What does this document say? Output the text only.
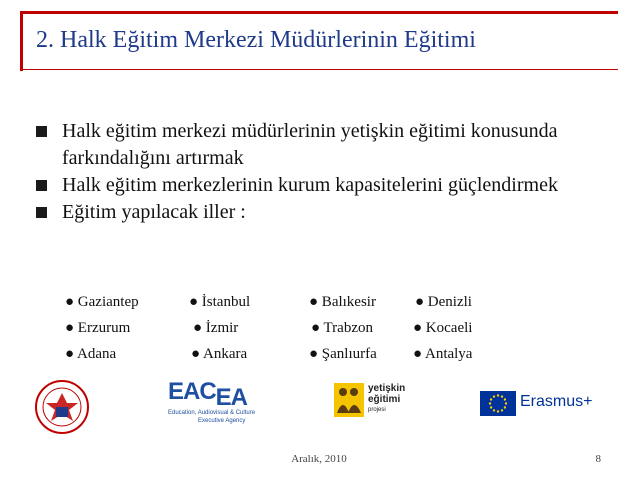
2. Halk Eğitim Merkezi Müdürlerinin Eğitimi
Halk eğitim merkezi müdürlerinin yetişkin eğitimi konusunda farkındalığını artırmak
Halk eğitim merkezlerinin kurum kapasitelerini güçlendirmek
Eğitim yapılacak iller :
● Gaziantep	● İstanbul	● Balıkesir	● Denizli
● Erzurum	● İzmir	● Trabzon	● Kocaeli
● Adana	● Ankara	● Şanlıurfa ● Antalya
EACEA
Education, Audiovisual & Culture
Executive Agency
yetişkin
eğitimi
projesi	Erasmus+
Aralık, 2010	8
